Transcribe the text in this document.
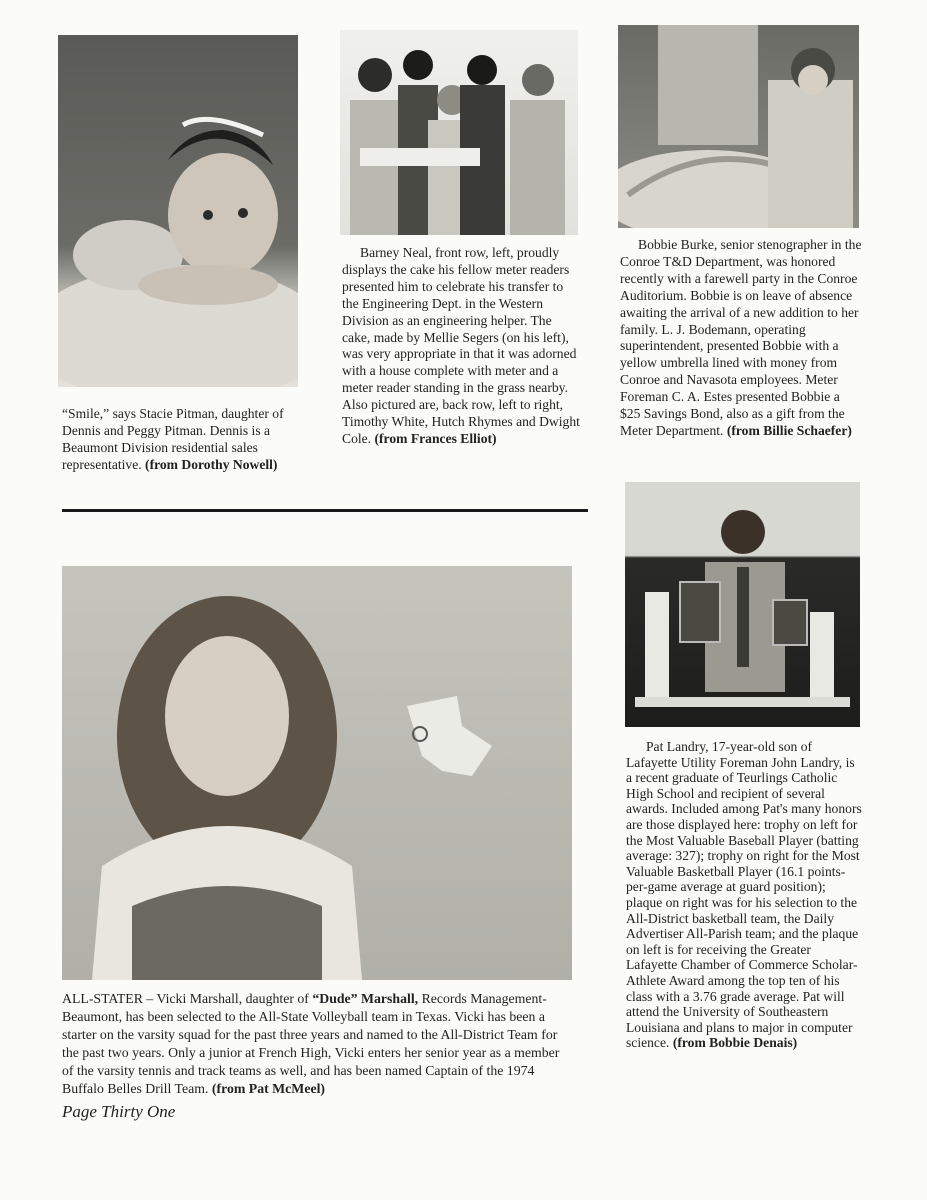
“Smile,” says Stacie Pitman, daughter of Dennis and Peggy Pitman. Dennis is a Beaumont Division residential sales representative. (from Dorothy Nowell)
Barney Neal, front row, left, proudly displays the cake his fellow meter readers presented him to celebrate his transfer to the Engineering Dept. in the Western Division as an engineering helper. The cake, made by Mellie Segers (on his left), was very appropriate in that it was adorned with a house complete with meter and a meter reader standing in the grass nearby. Also pictured are, back row, left to right, Timothy White, Hutch Rhymes and Dwight Cole. (from Frances Elliot)
Bobbie Burke, senior stenographer in the Conroe T&D Department, was honored recently with a farewell party in the Conroe Auditorium. Bobbie is on leave of absence awaiting the arrival of a new addition to her family. L. J. Bodemann, operating superintendent, presented Bobbie with a yellow umbrella lined with money from Conroe and Navasota employees. Meter Foreman C. A. Estes presented Bobbie a $25 Savings Bond, also as a gift from the Meter Department. (from Billie Schaefer)
ALL-STATER – Vicki Marshall, daughter of “Dude” Marshall, Records Management-Beaumont, has been selected to the All-State Volleyball team in Texas. Vicki has been a starter on the varsity squad for the past three years and named to the All-District Team for the past two years. Only a junior at French High, Vicki enters her senior year as a member of the varsity tennis and track teams as well, and has been named Captain of the 1974 Buffalo Belles Drill Team. (from Pat McMeel)
Pat Landry, 17-year-old son of Lafayette Utility Foreman John Landry, is a recent graduate of Teurlings Catholic High School and recipient of several awards. Included among Pat's many honors are those displayed here: trophy on left for the Most Valuable Baseball Player (batting average: 327); trophy on right for the Most Valuable Basketball Player (16.1 points-per-game average at guard position); plaque on right was for his selection to the All-District basketball team, the Daily Advertiser All-Parish team; and the plaque on left is for receiving the Greater Lafayette Chamber of Commerce Scholar-Athlete Award among the top ten of his class with a 3.76 grade average. Pat will attend the University of Southeastern Louisiana and plans to major in computer science. (from Bobbie Denais)
Page Thirty One
